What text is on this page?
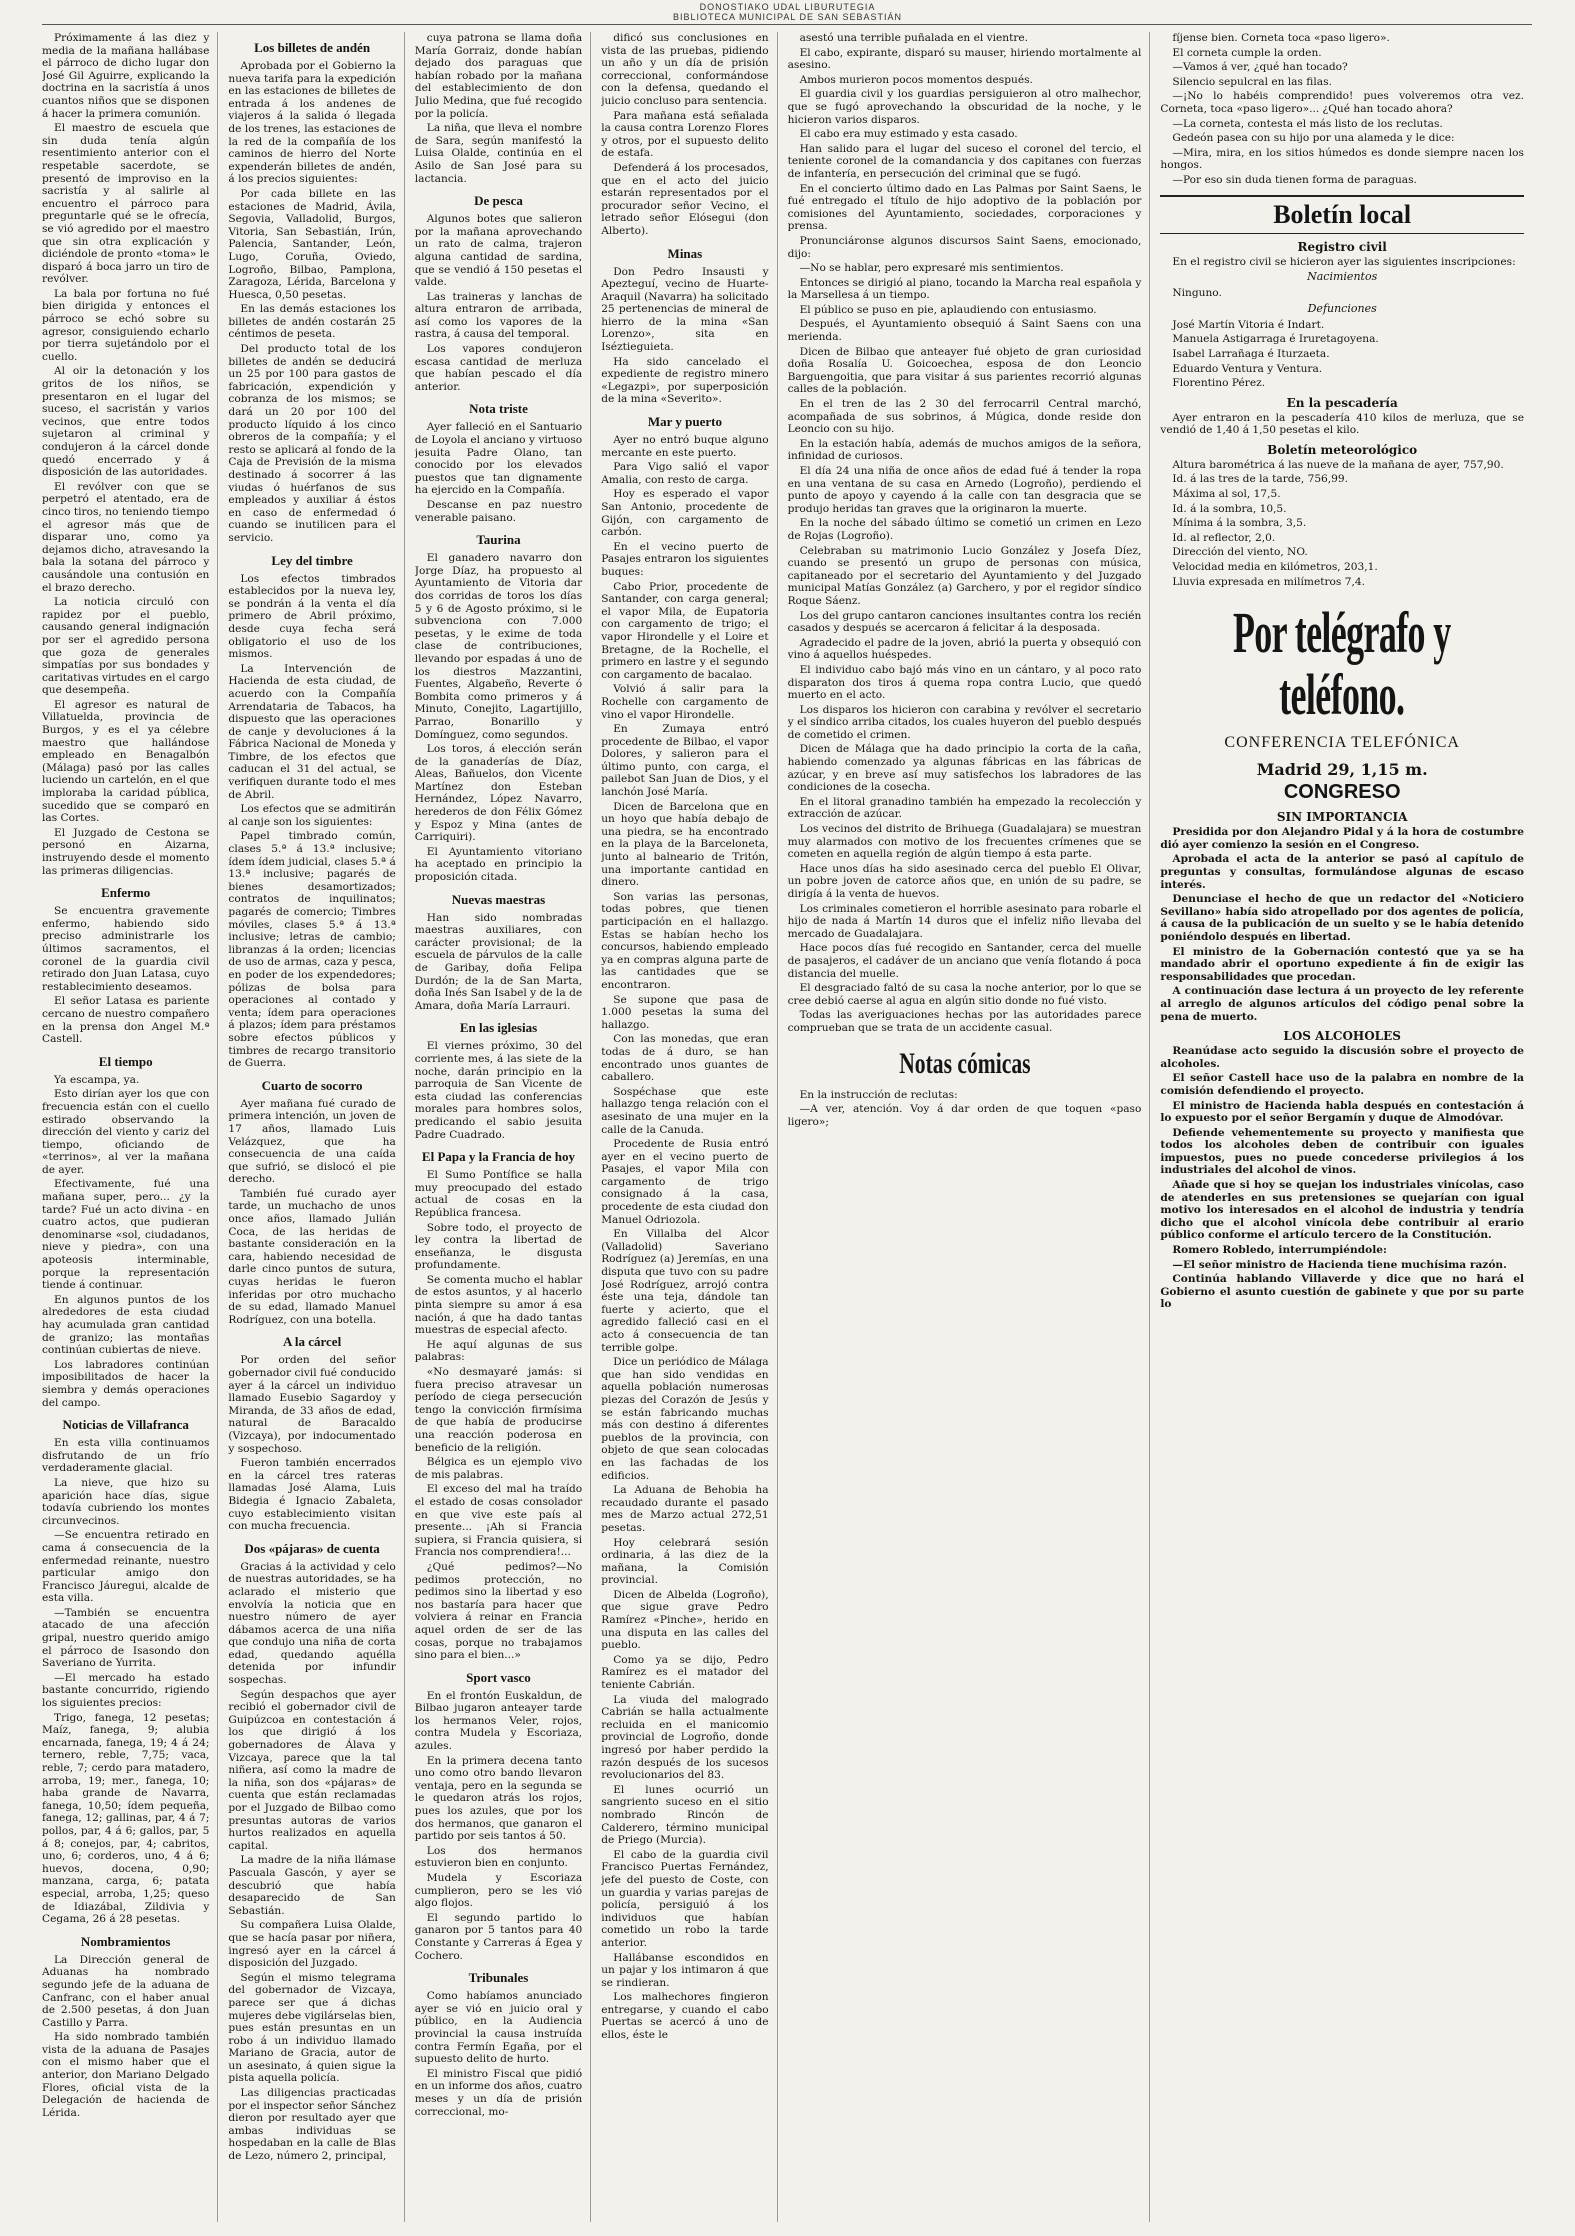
DONOSTIAKO UDAL LIBURUTEGIA
BIBLIOTECA MUNICIPAL DE SAN SEBASTIÁN

Próximamente á las diez y media de la mañana hallábase el párroco de dicho lugar don José Gil Aguirre, explicando la doctrina en la sacristía á unos cuantos niños que se disponen á hacer la primera comunión.

El maestro de escuela que sin duda tenía algún resentimiento anterior con el respetable sacerdote, se presentó de improviso en la sacristía y al salirle al encuentro el párroco para preguntarle qué se le ofrecía, se vió agredido por el maestro que sin otra explicación y diciéndole de pronto «toma» le disparó á boca jarro un tiro de revólver.

La bala por fortuna no fué bien dirigida y entonces el párroco se echó sobre su agresor, consiguiendo echarlo por tierra sujetándolo por el cuello.

Al oir la detonación y los gritos de los niños, se presentaron en el lugar del suceso, el sacristán y varios vecinos, que entre todos sujetaron al criminal y condujeron á la cárcel donde quedó encerrado y á disposición de las autoridades.

El revólver con que se perpetró el atentado, era de cinco tiros, no teniendo tiempo el agresor más que de disparar uno, como ya dejamos dicho, atravesando la bala la sotana del párroco y causándole una contusión en el brazo derecho.

La noticia circuló con rapidez por el pueblo, causando general indignación por ser el agredido persona que goza de generales simpatías por sus bondades y caritativas virtudes en el cargo que desempeña.

El agresor es natural de Villatuelda, provincia de Burgos, y es el ya célebre maestro que hallándose empleado en Benagalbón (Málaga) pasó por las calles luciendo un cartelón, en el que imploraba la caridad pública, sucedido que se comparó en las Cortes.

El Juzgado de Cestona se personó en Aizarna, instruyendo desde el momento las primeras diligencias.

Enfermo

Se encuentra gravemente enfermo, habiendo sido preciso administrarle los últimos sacramentos, el coronel de la guardia civil retirado don Juan Latasa, cuyo restablecimiento deseamos.

El señor Latasa es pariente cercano de nuestro compañero en la prensa don Angel M.ª Castell.

El tiempo

Ya escampa, ya.

Esto dirían ayer los que con frecuencia están con el cuello estirado observando la dirección del viento y cariz del tiempo, oficiando de «terrinos», al ver la mañana de ayer.

Efectivamente, fué una mañana super, pero... ¿y la tarde? Fué un acto divina - en cuatro actos, que pudieran denominarse «sol, ciudadanos, nieve y piedra», con una apoteosis interminable, porque la representación tiende á continuar.

En algunos puntos de los alrededores de esta ciudad hay acumulada gran cantidad de granizo; las montañas continúan cubiertas de nieve.

Los labradores continúan imposibilitados de hacer la siembra y demás operaciones del campo.

Noticias de Villafranca

En esta villa continuamos disfrutando de un frío verdaderamente glacial.

La nieve, que hizo su aparición hace días, sigue todavía cubriendo los montes circunvecinos.

—Se encuentra retirado en cama á consecuencia de la enfermedad reinante, nuestro particular amigo don Francisco Jáuregui, alcalde de esta villa.

—También se encuentra atacado de una afección gripal, nuestro querido amigo el párroco de Isasondo don Saveriano de Yurrita.

—El mercado ha estado bastante concurrido, rigiendo los siguientes precios:

Trigo, fanega, 12 pesetas; Maíz, fanega, 9; alubia encarnada, fanega, 19; 4 á 24; ternero, reble, 7,75; vaca, reble, 7; cerdo para matadero, arroba, 19; mer., fanega, 10; haba grande de Navarra, fanega, 10,50; ídem pequeña, fanega, 12; gallinas, par, 4 á 7; pollos, par, 4 á 6; gallos, par, 5 á 8; conejos, par, 4; cabritos, uno, 6; corderos, uno, 4 á 6; huevos, docena, 0,90; manzana, carga, 6; patata especial, arroba, 1,25; queso de Idiazábal, Zildivia y Cegama, 26 á 28 pesetas.

Nombramientos

La Dirección general de Aduanas ha nombrado segundo jefe de la aduana de Canfranc, con el haber anual de 2.500 pesetas, á don Juan Castillo y Parra.

Ha sido nombrado también vista de la aduana de Pasajes con el mismo haber que el anterior, don Mariano Delgado Flores, oficial vista de la Delegación de hacienda de Lérida.

Los billetes de andén

Aprobada por el Gobierno la nueva tarifa para la expedición en las estaciones de billetes de entrada á los andenes de viajeros á la salida ó llegada de los trenes, las estaciones de la red de la compañía de los caminos de hierro del Norte expenderán billetes de andén, á los precios siguientes:

Por cada billete en las estaciones de Madrid, Ávila, Segovia, Valladolid, Burgos, Vitoria, San Sebastián, Irún, Palencia, Santander, León, Lugo, Coruña, Oviedo, Logroño, Bilbao, Pamplona, Zaragoza, Lérida, Barcelona y Huesca, 0,50 pesetas.

En las demás estaciones los billetes de andén costarán 25 céntimos de peseta.

Del producto total de los billetes de andén se deducirá un 25 por 100 para gastos de fabricación, expendición y cobranza de los mismos; se dará un 20 por 100 del producto líquido á los cinco obreros de la compañía; y el resto se aplicará al fondo de la Caja de Previsión de la misma destinado á socorrer á las viudas ó huérfanos de sus empleados y auxiliar á éstos en caso de enfermedad ó cuando se inutilicen para el servicio.

Ley del timbre

Los efectos timbrados establecidos por la nueva ley, se pondrán á la venta el día primero de Abril próximo, desde cuya fecha será obligatorio el uso de los mismos.

La Intervención de Hacienda de esta ciudad, de acuerdo con la Compañía Arrendataria de Tabacos, ha dispuesto que las operaciones de canje y devoluciones á la Fábrica Nacional de Moneda y Timbre, de los efectos que caducan el 31 del actual, se verifiquen durante todo el mes de Abril.

Los efectos que se admitirán al canje son los siguientes:

Papel timbrado común, clases 5.ª á 13.ª inclusive; ídem ídem judicial, clases 5.ª á 13.ª inclusive; pagarés de bienes desamortizados; contratos de inquilinatos; pagarés de comercio; Timbres móviles, clases 5.ª á 13.ª inclusive; letras de cambio; libranzas á la orden; licencias de uso de armas, caza y pesca, en poder de los expendedores; pólizas de bolsa para operaciones al contado y venta; ídem para operaciones á plazos; ídem para préstamos sobre efectos públicos y timbres de recargo transitorio de Guerra.

Cuarto de socorro

Ayer mañana fué curado de primera intención, un joven de 17 años, llamado Luis Velázquez, que ha consecuencia de una caída que sufrió, se dislocó el pie derecho.

También fué curado ayer tarde, un muchacho de unos once años, llamado Julián Coca, de las heridas de bastante consideración en la cara, habiendo necesidad de darle cinco puntos de sutura, cuyas heridas le fueron inferidas por otro muchacho de su edad, llamado Manuel Rodríguez, con una botella.

A la cárcel

Por orden del señor gobernador civil fué conducido ayer á la cárcel un individuo llamado Eusebio Sagardoy y Miranda, de 33 años de edad, natural de Baracaldo (Vizcaya), por indocumentado y sospechoso.

Fueron también encerrados en la cárcel tres rateras llamadas José Alama, Luis Bidegia é Ignacio Zabaleta, cuyo establecimiento visitan con mucha frecuencia.

Dos «pájaras» de cuenta

Gracias á la actividad y celo de nuestras autoridades, se ha aclarado el misterio que envolvía la noticia que en nuestro número de ayer dábamos acerca de una niña que condujo una niña de corta edad, quedando aquélla detenida por infundir sospechas.

Según despachos que ayer recibió el gobernador civil de Guipúzcoa en contestación á los que dirigió á los gobernadores de Álava y Vizcaya, parece que la tal niñera, así como la madre de la niña, son dos «pájaras» de cuenta que están reclamadas por el Juzgado de Bilbao como presuntas autoras de varios hurtos realizados en aquella capital.

La madre de la niña llámase Pascuala Gascón, y ayer se descubrió que había desaparecido de San Sebastián.

Su compañera Luisa Olalde, que se hacía pasar por niñera, ingresó ayer en la cárcel á disposición del Juzgado.

Según el mismo telegrama del gobernador de Vizcaya, parece ser que á dichas mujeres debe vigilárselas bien, pues están presuntas en un robo á un individuo llamado Mariano de Gracia, autor de un asesinato, á quien sigue la pista aquella policía.

Las diligencias practicadas por el inspector señor Sánchez dieron por resultado ayer que ambas individuas se hospedaban en la calle de Blas de Lezo, número 2, principal,

cuya patrona se llama doña María Gorraiz, donde habían dejado dos paraguas que habían robado por la mañana del establecimiento de don Julio Medina, que fué recogido por la policía.

La niña, que lleva el nombre de Sara, según manifestó la Luisa Olalde, continúa en el Asilo de San José para su lactancia.

De pesca

Algunos botes que salieron por la mañana aprovechando un rato de calma, trajeron alguna cantidad de sardina, que se vendió á 150 pesetas el valde.

Las traineras y lanchas de altura entraron de arribada, así como los vapores de la rastra, á causa del temporal.

Los vapores condujeron escasa cantidad de merluza que habían pescado el día anterior.

Nota triste

Ayer falleció en el Santuario de Loyola el anciano y virtuoso jesuita Padre Olano, tan conocido por los elevados puestos que tan dignamente ha ejercido en la Compañía.

Descanse en paz nuestro venerable paisano.

Taurina

El ganadero navarro don Jorge Díaz, ha propuesto al Ayuntamiento de Vitoria dar dos corridas de toros los días 5 y 6 de Agosto próximo, si le subvenciona con 7.000 pesetas, y le exime de toda clase de contribuciones, llevando por espadas á uno de los diestros Mazzantini, Fuentes, Algabeño, Reverte ó Bombita como primeros y á Minuto, Conejito, Lagartijillo, Parrao, Bonarillo y Domínguez, como segundos.

Los toros, á elección serán de la ganaderías de Díaz, Aleas, Bañuelos, don Vicente Martínez don Esteban Hernández, López Navarro, herederos de don Félix Gómez y Espoz y Mina (antes de Carriquiri).

El Ayuntamiento vitoriano ha aceptado en principio la proposición citada.

Nuevas maestras

Han sido nombradas maestras auxiliares, con carácter provisional; de la escuela de párvulos de la calle de Garibay, doña Felipa Durdón; de la de San Marta, doña Inés San Isabel y de la de Amara, doña María Larrauri.

En las iglesias

El viernes próximo, 30 del corriente mes, á las siete de la noche, darán principio en la parroquia de San Vicente de esta ciudad las conferencias morales para hombres solos, predicando el sabio jesuita Padre Cuadrado.

El Papa y la Francia de hoy

El Sumo Pontífice se halla muy preocupado del estado actual de cosas en la República francesa.

Sobre todo, el proyecto de ley contra la libertad de enseñanza, le disgusta profundamente.

Se comenta mucho el hablar de estos asuntos, y al hacerlo pinta siempre su amor á esa nación, á que ha dado tantas muestras de especial afecto.

He aquí algunas de sus palabras:

«No desmayaré jamás: si fuera preciso atravesar un período de ciega persecución tengo la convicción firmísima de que había de producirse una reacción poderosa en beneficio de la religión.

Bélgica es un ejemplo vivo de mis palabras.

El exceso del mal ha traído el estado de cosas consolador en que vive este país al presente... ¡Ah si Francia supiera, si Francia quisiera, si Francia nos comprendiera!...

¿Qué pedimos?—No pedimos protección, no pedimos sino la libertad y eso nos bastaría para hacer que volviera á reinar en Francia aquel orden de ser de las cosas, porque no trabajamos sino para el bien...»

Sport vasco

En el frontón Euskaldun, de Bilbao jugaron anteayer tarde los hermanos Veler, rojos, contra Mudela y Escoriaza, azules.

En la primera decena tanto uno como otro bando llevaron ventaja, pero en la segunda se le quedaron atrás los rojos, pues los azules, que por los dos hermanos, que ganaron el partido por seis tantos á 50.

Los dos hermanos estuvieron bien en conjunto.

Mudela y Escoriaza cumplieron, pero se les vió algo flojos.

El segundo partido lo ganaron por 5 tantos para 40 Constante y Carreras á Egea y Cochero.

Tribunales

Como habíamos anunciado ayer se vió en juicio oral y público, en la Audiencia provincial la causa instruída contra Fermín Egaña, por el supuesto delito de hurto.

El ministro Fiscal que pidió en un informe dos años, cuatro meses y un día de prisión correccional, mo-

dificó sus conclusiones en vista de las pruebas, pidiendo un año y un día de prisión correccional, conformándose con la defensa, quedando el juicio concluso para sentencia.

Para mañana está señalada la causa contra Lorenzo Flores y otros, por el supuesto delito de estafa.

Defenderá á los procesados, que en el acto del juicio estarán representados por el procurador señor Vecino, el letrado señor Elósegui (don Alberto).

Minas

Don Pedro Insausti y Apezteguí, vecino de Huarte-Araquil (Navarra) ha solicitado 25 pertenencias de mineral de hierro de la mina «San Lorenzo», sita en Iséztieguieta.

Ha sido cancelado el expediente de registro minero «Legazpi», por superposición de la mina «Severito».

Mar y puerto

Ayer no entró buque alguno mercante en este puerto.

Para Vigo salió el vapor Amalia, con resto de carga.

Hoy es esperado el vapor San Antonio, procedente de Gijón, con cargamento de carbón.

En el vecino puerto de Pasajes entraron los siguientes buques:

Cabo Prior, procedente de Santander, con carga general; el vapor Mila, de Eupatoria con cargamento de trigo; el vapor Hirondelle y el Loire et Bretagne, de la Rochelle, el primero en lastre y el segundo con cargamento de bacalao.

Volvió á salir para la Rochelle con cargamento de vino el vapor Hirondelle.

En Zumaya entró procedente de Bilbao, el vapor Dolores, y salieron para el último punto, con carga, el pailebot San Juan de Dios, y el lanchón José María.

Dicen de Barcelona que en un hoyo que había debajo de una piedra, se ha encontrado en la playa de la Barceloneta, junto al balneario de Tritón, una importante cantidad en dinero.

Son varias las personas, todas pobres, que tienen participación en el hallazgo. Estas se habían hecho los concursos, habiendo empleado ya en compras alguna parte de las cantidades que se encontraron.

Se supone que pasa de 1.000 pesetas la suma del hallazgo.

Con las monedas, que eran todas de á duro, se han encontrado unos guantes de caballero.

Sospéchase que este hallazgo tenga relación con el asesinato de una mujer en la calle de la Canuda.

Procedente de Rusia entró ayer en el vecino puerto de Pasajes, el vapor Mila con cargamento de trigo consignado á la casa, procedente de esta ciudad don Manuel Odriozola.

En Villalba del Alcor (Valladolid) Saveriano Rodríguez (a) Jeremías, en una disputa que tuvo con su padre José Rodríguez, arrojó contra éste una teja, dándole tan fuerte y acierto, que el agredido falleció casi en el acto á consecuencia de tan terrible golpe.

Dice un periódico de Málaga que han sido vendidas en aquella población numerosas piezas del Corazón de Jesús y se están fabricando muchas más con destino á diferentes pueblos de la provincia, con objeto de que sean colocadas en las fachadas de los edificios.

La Aduana de Behobia ha recaudado durante el pasado mes de Marzo actual 272,51 pesetas.

Hoy celebrará sesión ordinaria, á las diez de la mañana, la Comisión provincial.

Dicen de Albelda (Logroño), que sigue grave Pedro Ramírez «Pinche», herido en una disputa en las calles del pueblo.

Como ya se dijo, Pedro Ramírez es el matador del teniente Cabrián.

La viuda del malogrado Cabrián se halla actualmente recluida en el manicomio provincial de Logroño, donde ingresó por haber perdido la razón después de los sucesos revolucionarios del 83.

El lunes ocurrió un sangriento suceso en el sitio nombrado Rincón de Calderero, término municipal de Priego (Murcia).

El cabo de la guardia civil Francisco Puertas Fernández, jefe del puesto de Coste, con un guardia y varias parejas de policía, persiguió á los individuos que habían cometido un robo la tarde anterior.

Hallábanse escondidos en un pajar y los intimaron á que se rindieran.

Los malhechores fingieron entregarse, y cuando el cabo Puertas se acercó á uno de ellos, éste le

asestó una terrible puñalada en el vientre.

El cabo, expirante, disparó su mauser, hiriendo mortalmente al asesino.

Ambos murieron pocos momentos después.

El guardia civil y los guardias persiguieron al otro malhechor, que se fugó aprovechando la obscuridad de la noche, y le hicieron varios disparos.

El cabo era muy estimado y esta casado.

Han salido para el lugar del suceso el coronel del tercio, el teniente coronel de la comandancia y dos capitanes con fuerzas de infantería, en persecución del criminal que se fugó.

En el concierto último dado en Las Palmas por Saint Saens, le fué entregado el título de hijo adoptivo de la población por comisiones del Ayuntamiento, sociedades, corporaciones y prensa.

Pronunciáronse algunos discursos Saint Saens, emocionado, dijo:

—No se hablar, pero expresaré mis sentimientos.

Entonces se dirigió al piano, tocando la Marcha real española y la Marsellesa á un tiempo.

El público se puso en pie, aplaudiendo con entusiasmo.

Después, el Ayuntamiento obsequió á Saint Saens con una merienda.

Dicen de Bilbao que anteayer fué objeto de gran curiosidad doña Rosalía U. Goicoechea, esposa de don Leoncio Barguengoitia, que para visitar á sus parientes recorrió algunas calles de la población.

En el tren de las 2 30 del ferrocarril Central marchó, acompañada de sus sobrinos, á Múgica, donde reside don Leoncio con su hijo.

En la estación había, además de muchos amigos de la señora, infinidad de curiosos.

El día 24 una niña de once años de edad fué á tender la ropa en una ventana de su casa en Arnedo (Logroño), perdiendo el punto de apoyo y cayendo á la calle con tan desgracia que se produjo heridas tan graves que la originaron la muerte.

En la noche del sábado último se cometió un crimen en Lezo de Rojas (Logroño).

Celebraban su matrimonio Lucio González y Josefa Díez, cuando se presentó un grupo de personas con música, capitaneado por el secretario del Ayuntamiento y del Juzgado municipal Matías González (a) Garchero, y por el regidor síndico Roque Sáenz.

Los del grupo cantaron canciones insultantes contra los recién casados y después se acercaron á felicitar á la desposada.

Agradecido el padre de la joven, abrió la puerta y obsequió con vino á aquellos huéspedes.

El individuo cabo bajó más vino en un cántaro, y al poco rato disparaton dos tiros á quema ropa contra Lucio, que quedó muerto en el acto.

Los disparos los hicieron con carabina y revólver el secretario y el síndico arriba citados, los cuales huyeron del pueblo después de cometido el crimen.

Dicen de Málaga que ha dado principio la corta de la caña, habiendo comenzado ya algunas fábricas en las fábricas de azúcar, y en breve así muy satisfechos los labradores de las condiciones de la cosecha.

En el litoral granadino también ha empezado la recolección y extracción de azúcar.

Los vecinos del distrito de Brihuega (Guadalajara) se muestran muy alarmados con motivo de los frecuentes crímenes que se cometen en aquella región de algún tiempo á esta parte.

Hace unos días ha sido asesinado cerca del pueblo El Olivar, un pobre joven de catorce años que, en unión de su padre, se dirigía á la venta de huevos.

Los criminales cometieron el horrible asesinato para robarle el hijo de nada á Martín 14 duros que el infeliz niño llevaba del mercado de Guadalajara.

Hace pocos días fué recogido en Santander, cerca del muelle de pasajeros, el cadáver de un anciano que venía flotando á poca distancia del muelle.

El desgraciado faltó de su casa la noche anterior, por lo que se cree debió caerse al agua en algún sitio donde no fué visto.

Todas las averiguaciones hechas por las autoridades parece comprueban que se trata de un accidente casual.

Notas cómicas

En la instrucción de reclutas:

—A ver, atención. Voy á dar orden de que toquen «paso ligero»;

fíjense bien. Corneta toca «paso ligero».

El corneta cumple la orden.

—Vamos á ver, ¿qué han tocado?

Silencio sepulcral en las filas.

—¡No lo habéis comprendido! pues volveremos otra vez. Corneta, toca «paso ligero»... ¿Qué han tocado ahora?

—La corneta, contesta el más listo de los reclutas.

Gedeón pasea con su hijo por una alameda y le dice:

—Mira, mira, en los sitios húmedos es donde siempre nacen los hongos.

—Por eso sin duda tienen forma de paraguas.

Boletín local
Registro civil

En el registro civil se hicieron ayer las siguientes inscripciones:

Nacimientos

Ninguno.

Defunciones

José Martín Vitoria é Indart.

Manuela Astigarraga é Iruretagoyena.

Isabel Larrañaga é Iturzaeta.

Eduardo Ventura y Ventura.

Florentino Pérez.

En la pescadería

Ayer entraron en la pescadería 410 kilos de merluza, que se vendió de 1,40 á 1,50 pesetas el kilo.

Boletín meteorológico

Altura barométrica á las nueve de la mañana de ayer, 757,90.

Id. á las tres de la tarde, 756,99.

Máxima al sol, 17,5.

Id. á la sombra, 10,5.

Mínima á la sombra, 3,5.

Id. al reflector, 2,0.

Dirección del viento, NO.

Velocidad media en kilómetros, 203,1.

Lluvia expresada en milímetros 7,4.

Por telégrafo y teléfono.
CONFERENCIA TELEFÓNICA
Madrid 29, 1,15 m.
CONGRESO
SIN IMPORTANCIA

Presidida por don Alejandro Pidal y á la hora de costumbre dió ayer comienzo la sesión en el Congreso.

Aprobada el acta de la anterior se pasó al capítulo de preguntas y consultas, formulándose algunas de escaso interés.

Denunciase el hecho de que un redactor del «Noticiero Sevillano» había sido atropellado por dos agentes de policía, á causa de la publicación de un suelto y se le había detenido poniéndolo después en libertad.

El ministro de la Gobernación contestó que ya se ha mandado abrir el oportuno expediente á fin de exigir las responsabilidades que procedan.

A continuación dase lectura á un proyecto de ley referente al arreglo de algunos artículos del código penal sobre la pena de muerto.

LOS ALCOHOLES

Reanúdase acto seguido la discusión sobre el proyecto de alcoholes.

El señor Castell hace uso de la palabra en nombre de la comisión defendiendo el proyecto.

El ministro de Hacienda habla después en contestación á lo expuesto por el señor Bergamín y duque de Almodóvar.

Defiende vehementemente su proyecto y manifiesta que todos los alcoholes deben de contribuir con iguales impuestos, pues no puede concederse privilegios á los industriales del alcohol de vinos.

Añade que si hoy se quejan los industriales vinícolas, caso de atenderles en sus pretensiones se quejarían con igual motivo los interesados en el alcohol de industria y tendría dicho que el alcohol vinícola debe contribuir al erario público conforme el artículo tercero de la Constitución.

Romero Robledo, interrumpiéndole:

—El señor ministro de Hacienda tiene muchísima razón.

Continúa hablando Villaverde y dice que no hará el Gobierno el asunto cuestión de gabinete y que por su parte lo
